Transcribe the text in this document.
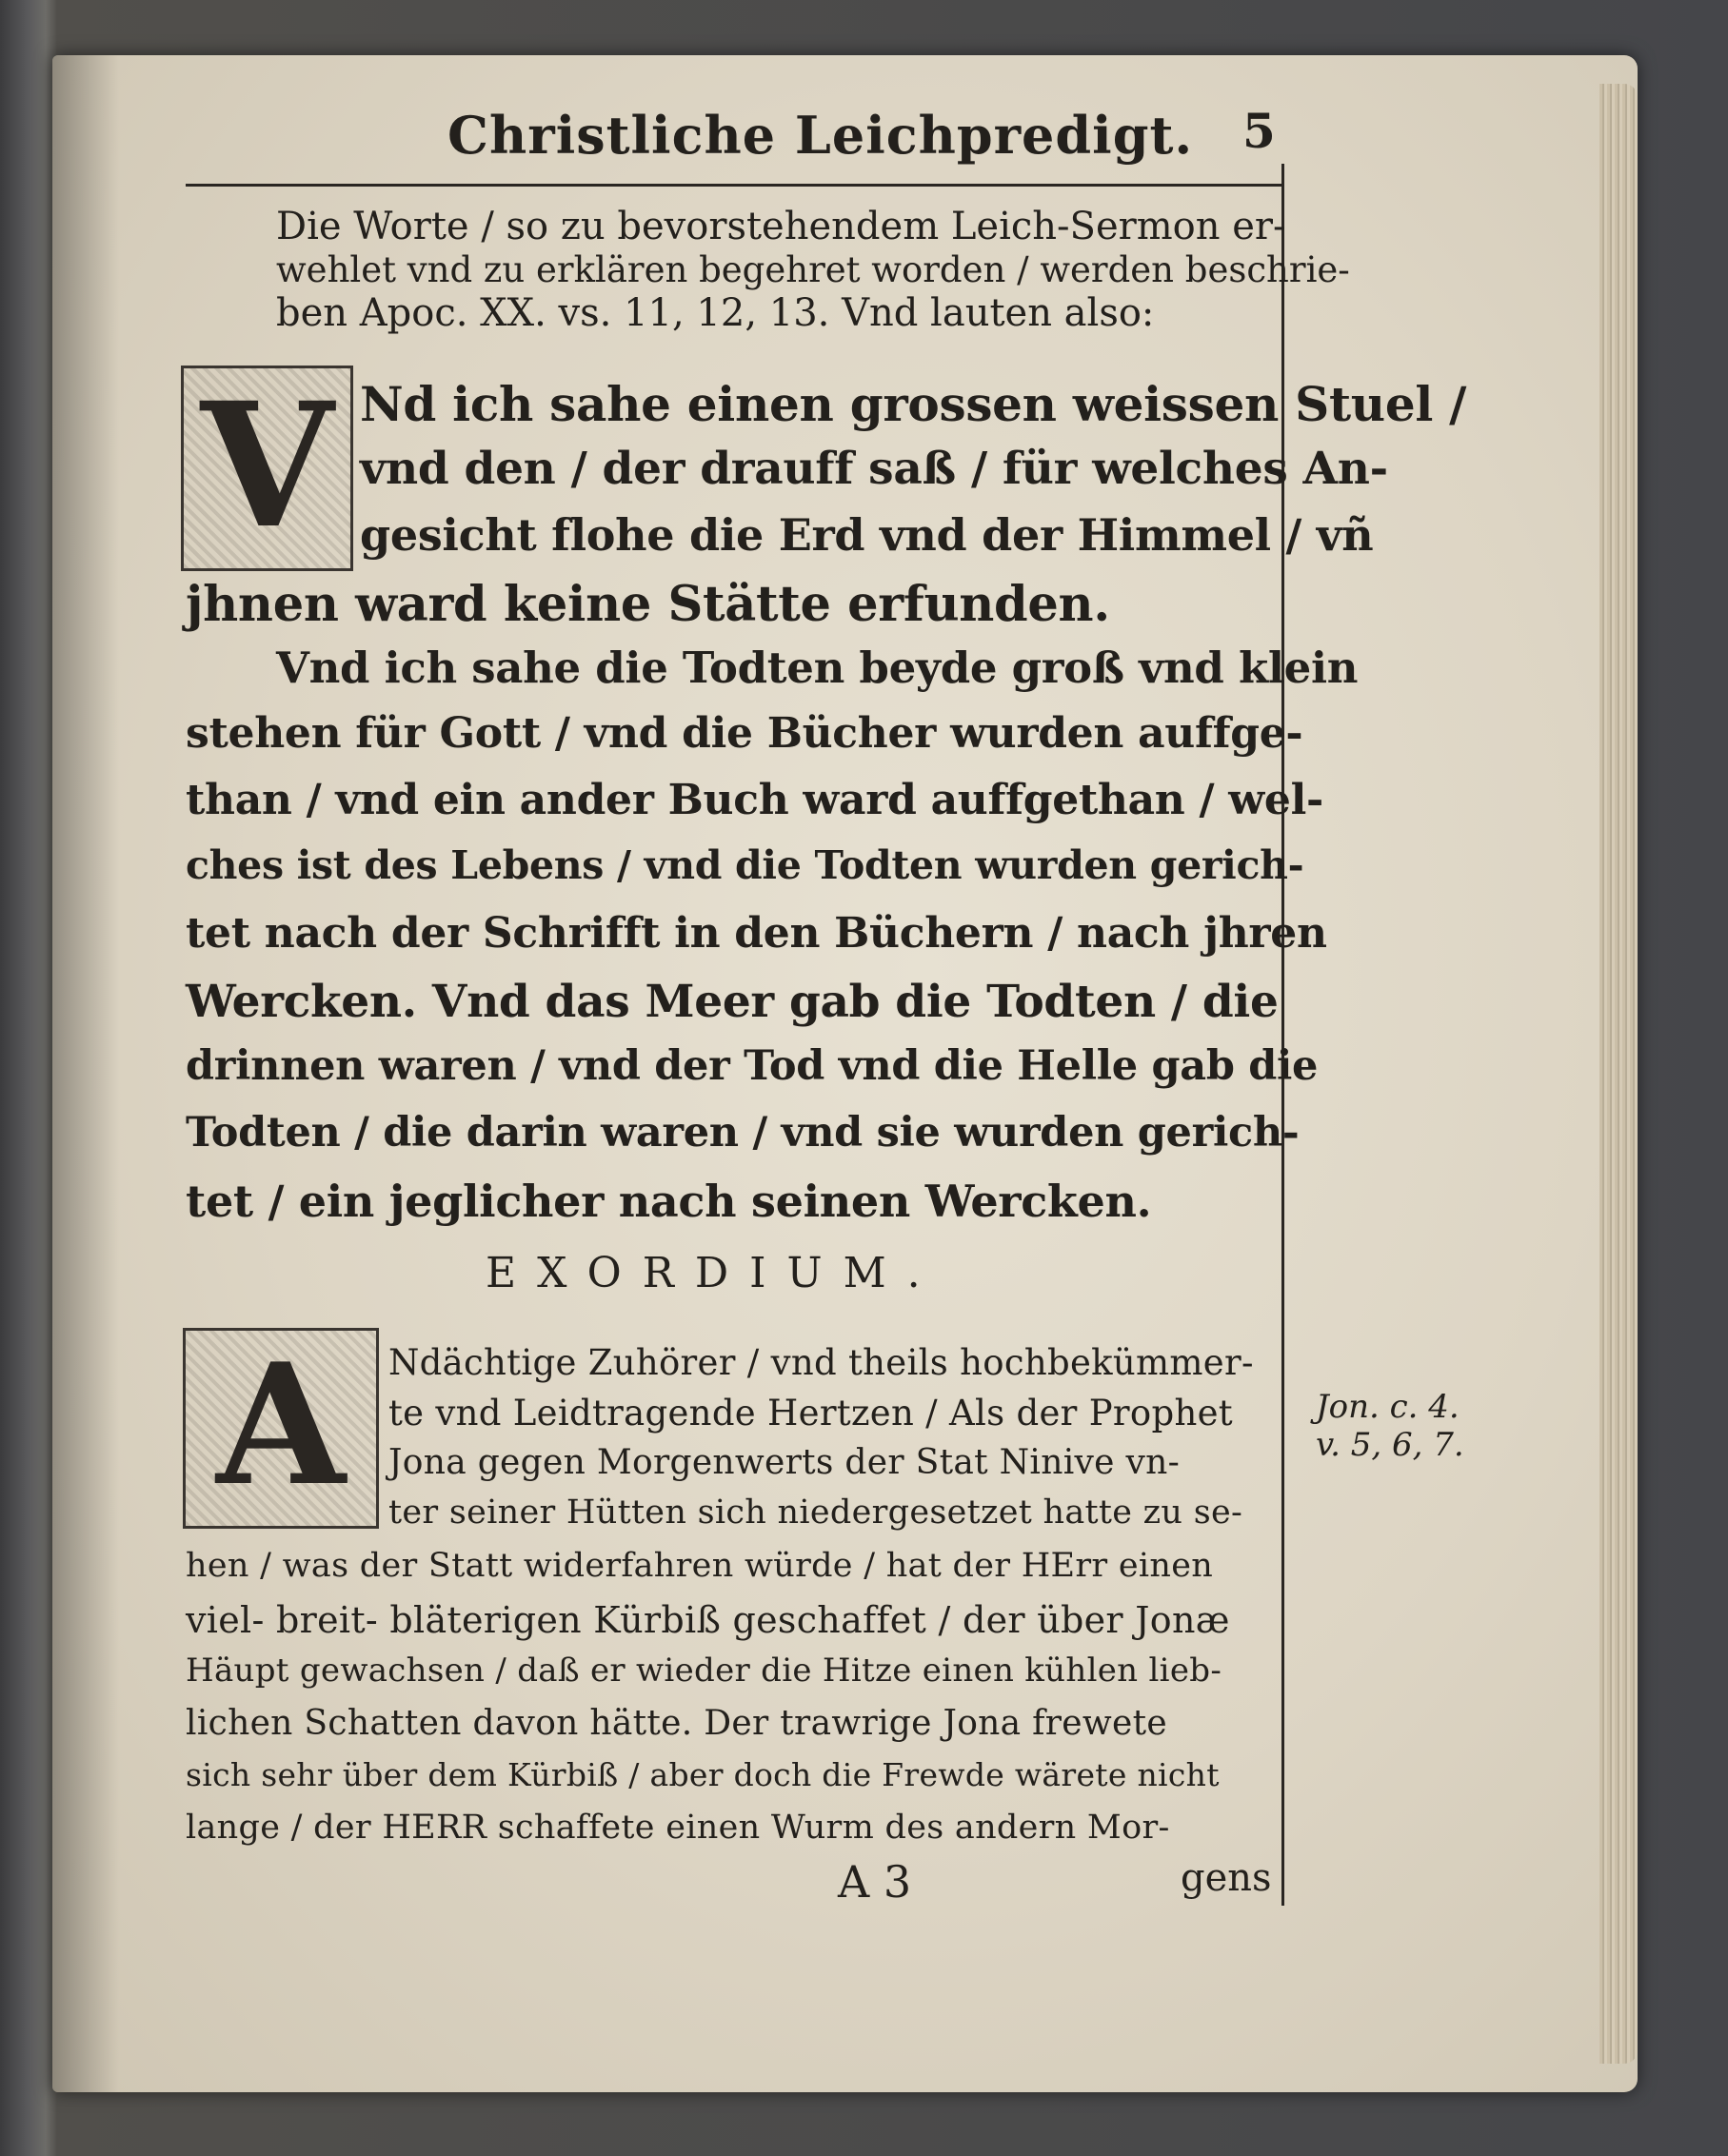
Christliche Leichpredigt. 5
Die Worte / so zu bevorstehendem Leich-Sermon er-
wehlet vnd zu erklären begehret worden / werden beschrie-
ben Apoc. XX. vs. 11, 12, 13. Vnd lauten also:
V Nd ich sahe einen grossen weissen Stuel /
vnd den / der drauff saß / für welches An-
gesicht flohe die Erd vnd der Himmel / vñ
jhnen ward keine Stätte erfunden.
Vnd ich sahe die Todten beyde groß vnd klein
stehen für Gott / vnd die Bücher wurden auffge-
than / vnd ein ander Buch ward auffgethan / wel-
ches ist des Lebens / vnd die Todten wurden gerich-
tet nach der Schrifft in den Büchern / nach jhren
Wercken. Vnd das Meer gab die Todten / die
drinnen waren / vnd der Tod vnd die Helle gab die
Todten / die darin waren / vnd sie wurden gerich-
tet / ein jeglicher nach seinen Wercken.
EXORDIUM.
A	Ndächtige Zuhörer / vnd theils hochbekümmer-
te vnd Leidtragende Hertzen / Als der Prophet
Jona gegen Morgenwerts der Stat Ninive vn-
ter seiner Hütten sich niedergesetzet hatte zu se-
hen / was der Statt widerfahren würde / hat der HErr einen
viel- breit- bläterigen Kürbiß geschaffet / der über Jonæ
Häupt gewachsen / daß er wieder die Hitze einen kühlen lieb-
lichen Schatten davon hätte. Der trawrige Jona frewete
sich sehr über dem Kürbiß / aber doch die Frewde wärete nicht
lange / der HERR schaffete einen Wurm des andern Mor-
Jon. c. 4.
v. 5, 6, 7.
A 3	gens
